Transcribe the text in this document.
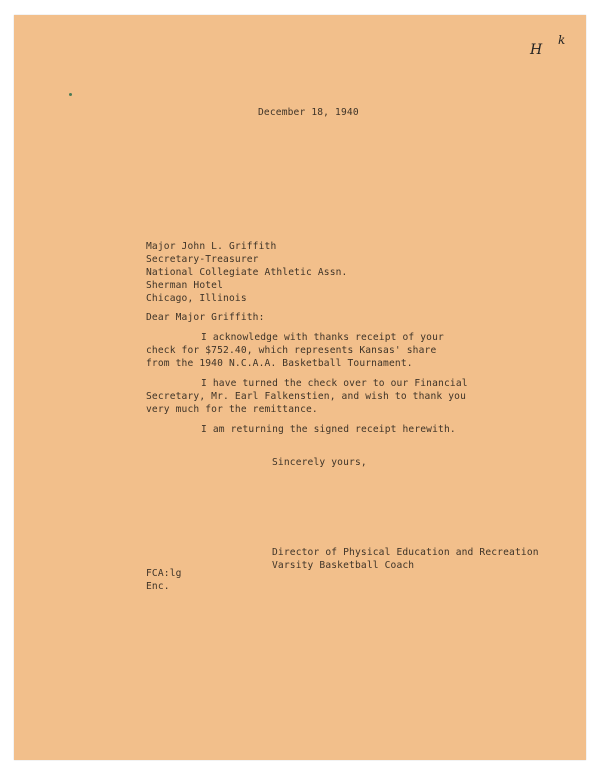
H
k
December 18, 1940
Major John L. Griffith
Secretary-Treasurer
National Collegiate Athletic Assn.
Sherman Hotel
Chicago, Illinois
Dear Major Griffith:
I acknowledge with thanks receipt of your
check for $752.40, which represents Kansas' share
from the 1940 N.C.A.A. Basketball Tournament.
I have turned the check over to our Financial
Secretary, Mr. Earl Falkenstien, and wish to thank you
very much for the remittance.
I am returning the signed receipt herewith.
Sincerely yours,
Director of Physical Education and Recreation
Varsity Basketball Coach
FCA:lg
Enc.
